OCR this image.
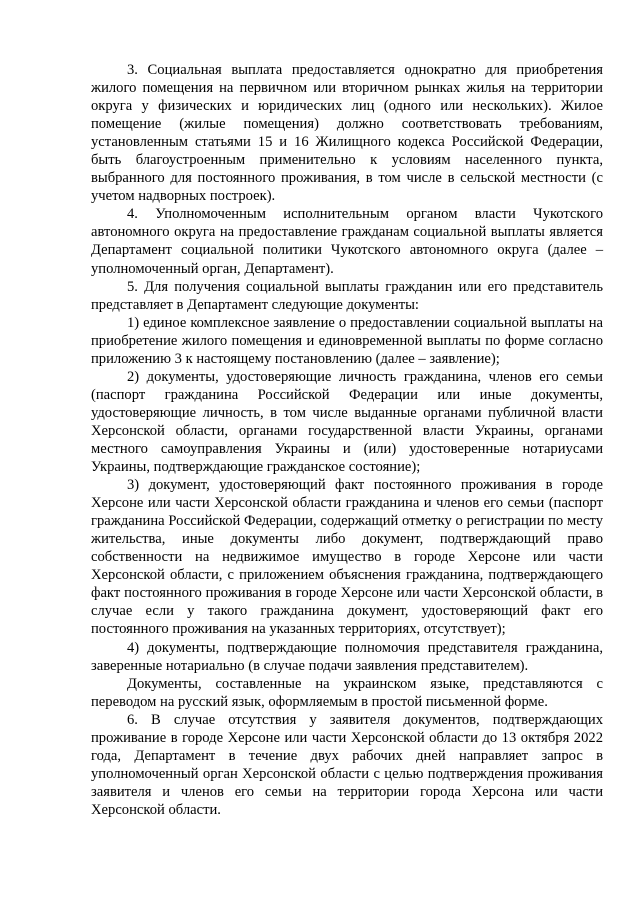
3. Социальная выплата предоставляется однократно для приобретения жилого помещения на первичном или вторичном рынках жилья на территории округа у физических и юридических лиц (одного или нескольких). Жилое помещение (жилые помещения) должно соответствовать требованиям, установленным статьями 15 и 16 Жилищного кодекса Российской Федерации, быть благоустроенным применительно к условиям населенного пункта, выбранного для постоянного проживания, в том числе в сельской местности (с учетом надворных построек).

4. Уполномоченным исполнительным органом власти Чукотского автономного округа на предоставление гражданам социальной выплаты является Департамент социальной политики Чукотского автономного округа (далее – уполномоченный орган, Департамент).

5. Для получения социальной выплаты гражданин или его представитель представляет в Департамент следующие документы:

1) единое комплексное заявление о предоставлении социальной выплаты на приобретение жилого помещения и единовременной выплаты по форме согласно приложению 3 к настоящему постановлению (далее – заявление);

2) документы, удостоверяющие личность гражданина, членов его семьи (паспорт гражданина Российской Федерации или иные документы, удостоверяющие личность, в том числе выданные органами публичной власти Херсонской области, органами государственной власти Украины, органами местного самоуправления Украины и (или) удостоверенные нотариусами Украины, подтверждающие гражданское состояние);

3) документ, удостоверяющий факт постоянного проживания в городе Херсоне или части Херсонской области гражданина и членов его семьи (паспорт гражданина Российской Федерации, содержащий отметку о регистрации по месту жительства, иные документы либо документ, подтверждающий право собственности на недвижимое имущество в городе Херсоне или части Херсонской области, с приложением объяснения гражданина, подтверждающего факт постоянного проживания в городе Херсоне или части Херсонской области, в случае если у такого гражданина документ, удостоверяющий факт его постоянного проживания на указанных территориях, отсутствует);

4) документы, подтверждающие полномочия представителя гражданина, заверенные нотариально (в случае подачи заявления представителем).

Документы, составленные на украинском языке, представляются с переводом на русский язык, оформляемым в простой письменной форме.

6. В случае отсутствия у заявителя документов, подтверждающих проживание в городе Херсоне или части Херсонской области до 13 октября 2022 года, Департамент в течение двух рабочих дней направляет запрос в уполномоченный орган Херсонской области с целью подтверждения проживания заявителя и членов его семьи на территории города Херсона или части Херсонской области.
